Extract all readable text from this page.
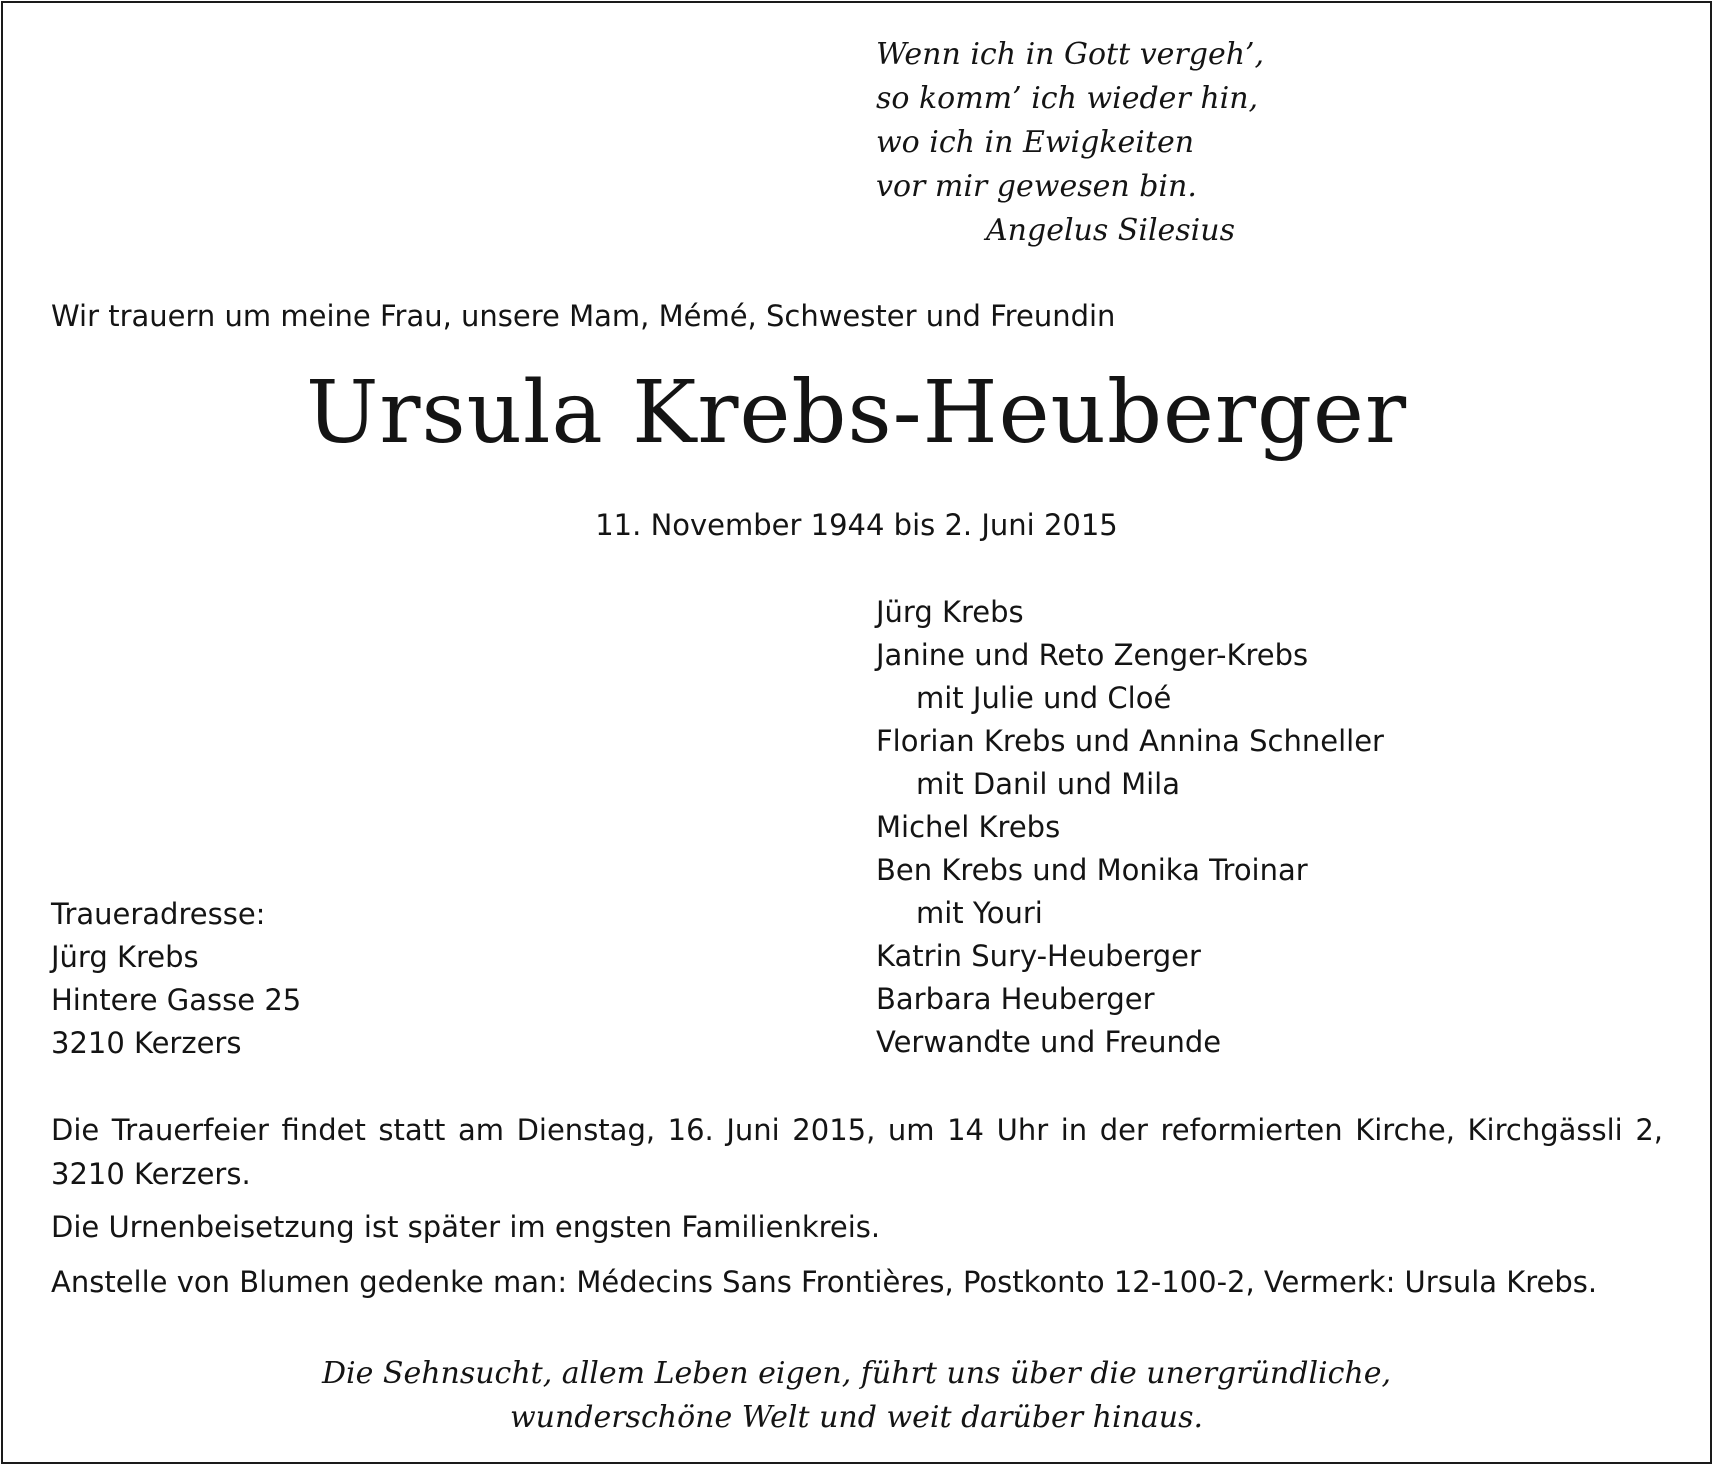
Wenn ich in Gott vergeh’,
so komm’ ich wieder hin,
wo ich in Ewigkeiten
vor mir gewesen bin.
Angelus Silesius
Wir trauern um meine Frau, unsere Mam, Mémé, Schwester und Freundin
Ursula Krebs-Heuberger
11. November 1944 bis 2. Juni 2015
Jürg Krebs
Janine und Reto Zenger-Krebs
mit Julie und Cloé
Florian Krebs und Annina Schneller
mit Danil und Mila
Michel Krebs
Ben Krebs und Monika Troinar
mit Youri
Katrin Sury-Heuberger
Barbara Heuberger
Verwandte und Freunde
Traueradresse:
Jürg Krebs
Hintere Gasse 25
3210 Kerzers
Die Trauerfeier findet statt am Dienstag, 16. Juni 2015, um 14 Uhr in der reformierten Kirche, Kirchgässli 2, 3210 Kerzers.
Die Urnenbeisetzung ist später im engsten Familienkreis.
Anstelle von Blumen gedenke man: Médecins Sans Frontières, Postkonto 12-100-2, Vermerk: Ursula Krebs.
Die Sehnsucht, allem Leben eigen, führt uns über die unergründliche,
wunderschöne Welt und weit darüber hinaus.
